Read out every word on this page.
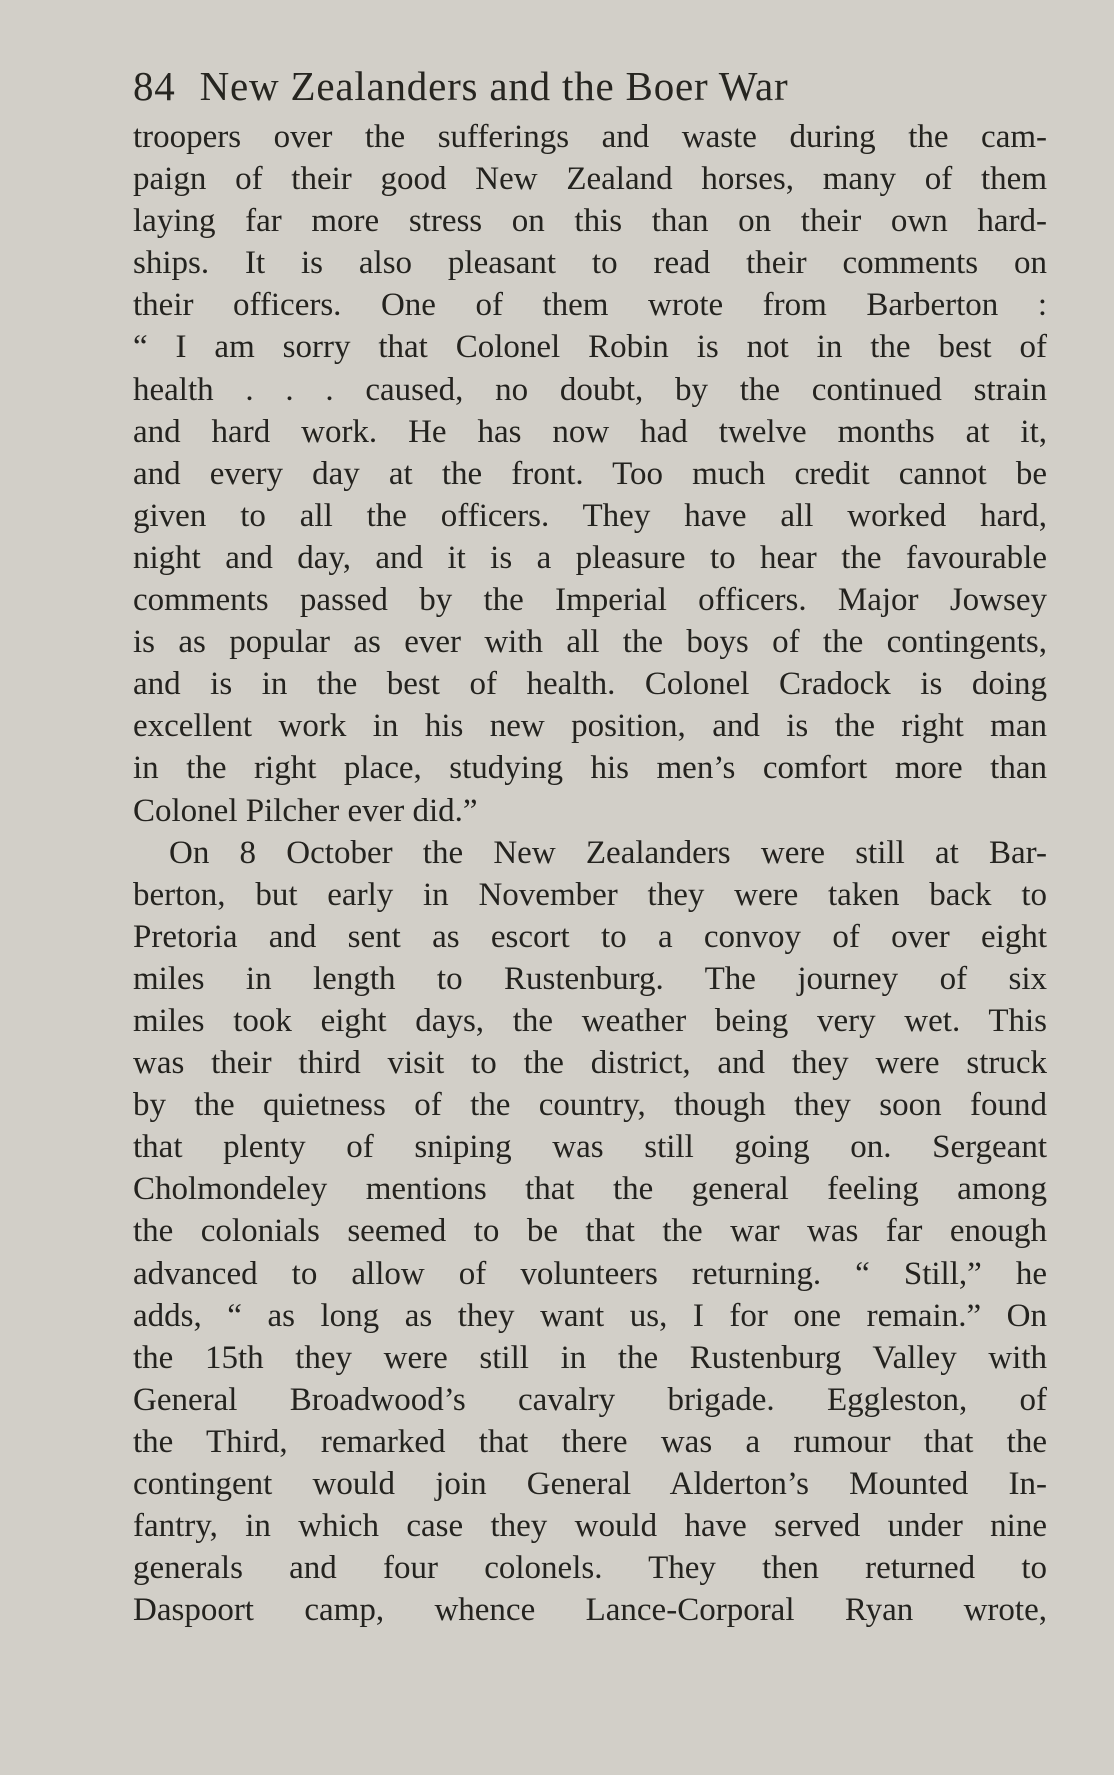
84 New Zealanders and the Boer War
troopers over the sufferings and waste during the cam-
paign of their good New Zealand horses, many of them
laying far more stress on this than on their own hard-
ships. It is also pleasant to read their comments on
their officers. One of them wrote from Barberton :
“ I am sorry that Colonel Robin is not in the best of
health . . . caused, no doubt, by the continued strain
and hard work. He has now had twelve months at it,
and every day at the front. Too much credit cannot be
given to all the officers. They have all worked hard,
night and day, and it is a pleasure to hear the favourable
comments passed by the Imperial officers. Major Jowsey
is as popular as ever with all the boys of the contingents,
and is in the best of health. Colonel Cradock is doing
excellent work in his new position, and is the right man
in the right place, studying his men’s comfort more than
Colonel Pilcher ever did.”
On 8 October the New Zealanders were still at Bar-
berton, but early in November they were taken back to
Pretoria and sent as escort to a convoy of over eight
miles in length to Rustenburg. The journey of six
miles took eight days, the weather being very wet. This
was their third visit to the district, and they were struck
by the quietness of the country, though they soon found
that plenty of sniping was still going on. Sergeant
Cholmondeley mentions that the general feeling among
the colonials seemed to be that the war was far enough
advanced to allow of volunteers returning. “ Still,” he
adds, “ as long as they want us, I for one remain.” On
the 15th they were still in the Rustenburg Valley with
General Broadwood’s cavalry brigade. Eggleston, of
the Third, remarked that there was a rumour that the
contingent would join General Alderton’s Mounted In-
fantry, in which case they would have served under nine
generals and four colonels. They then returned to
Daspoort camp, whence Lance-Corporal Ryan wrote,
